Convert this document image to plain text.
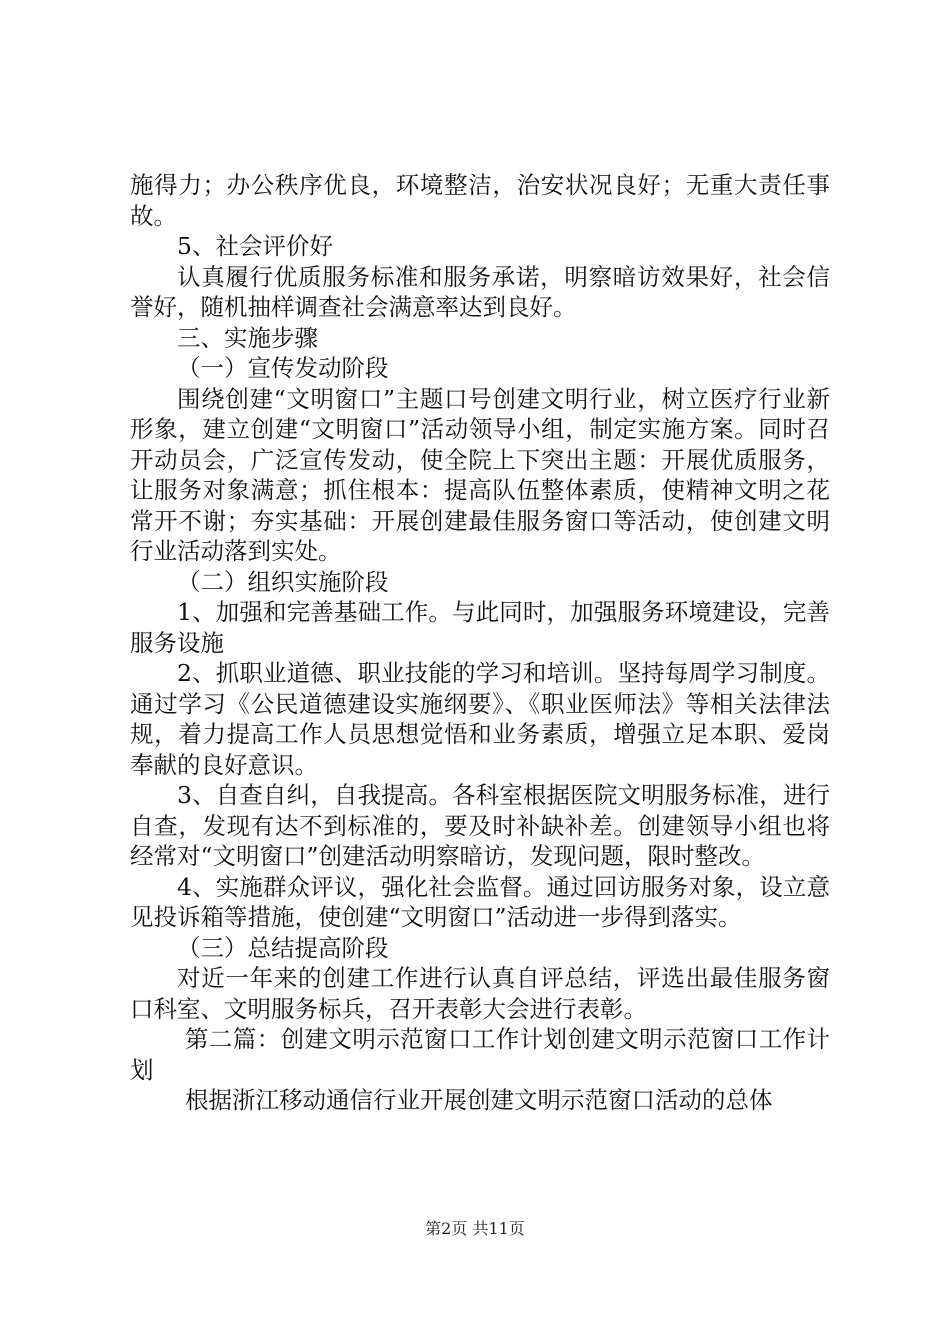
施得力；办公秩序优良，环境整洁，治安状况良好；无重大责任事故。

5、社会评价好

认真履行优质服务标准和服务承诺，明察暗访效果好，社会信誉好，随机抽样调查社会满意率达到良好。

三、实施步骤

（一）宣传发动阶段

围绕创建“文明窗口”主题口号创建文明行业，树立医疗行业新形象，建立创建“文明窗口”活动领导小组，制定实施方案。同时召开动员会，广泛宣传发动，使全院上下突出主题：开展优质服务，让服务对象满意；抓住根本：提高队伍整体素质，使精神文明之花常开不谢；夯实基础：开展创建最佳服务窗口等活动，使创建文明行业活动落到实处。

（二）组织实施阶段

1、加强和完善基础工作。与此同时，加强服务环境建设，完善服务设施

2、抓职业道德、职业技能的学习和培训。坚持每周学习制度。通过学习《公民道德建设实施纲要》、《职业医师法》等相关法律法规，着力提高工作人员思想觉悟和业务素质，增强立足本职、爱岗奉献的良好意识。

3、自查自纠，自我提高。各科室根据医院文明服务标准，进行自查，发现有达不到标准的，要及时补缺补差。创建领导小组也将经常对“文明窗口”创建活动明察暗访，发现问题，限时整改。

4、实施群众评议，强化社会监督。通过回访服务对象，设立意见投诉箱等措施，使创建“文明窗口”活动进一步得到落实。

（三）总结提高阶段

对近一年来的创建工作进行认真自评总结，评选出最佳服务窗口科室、文明服务标兵，召开表彰大会进行表彰。

第二篇：创建文明示范窗口工作计划创建文明示范窗口工作计划

根据浙江移动通信行业开展创建文明示范窗口活动的总体

第2页 共11页
